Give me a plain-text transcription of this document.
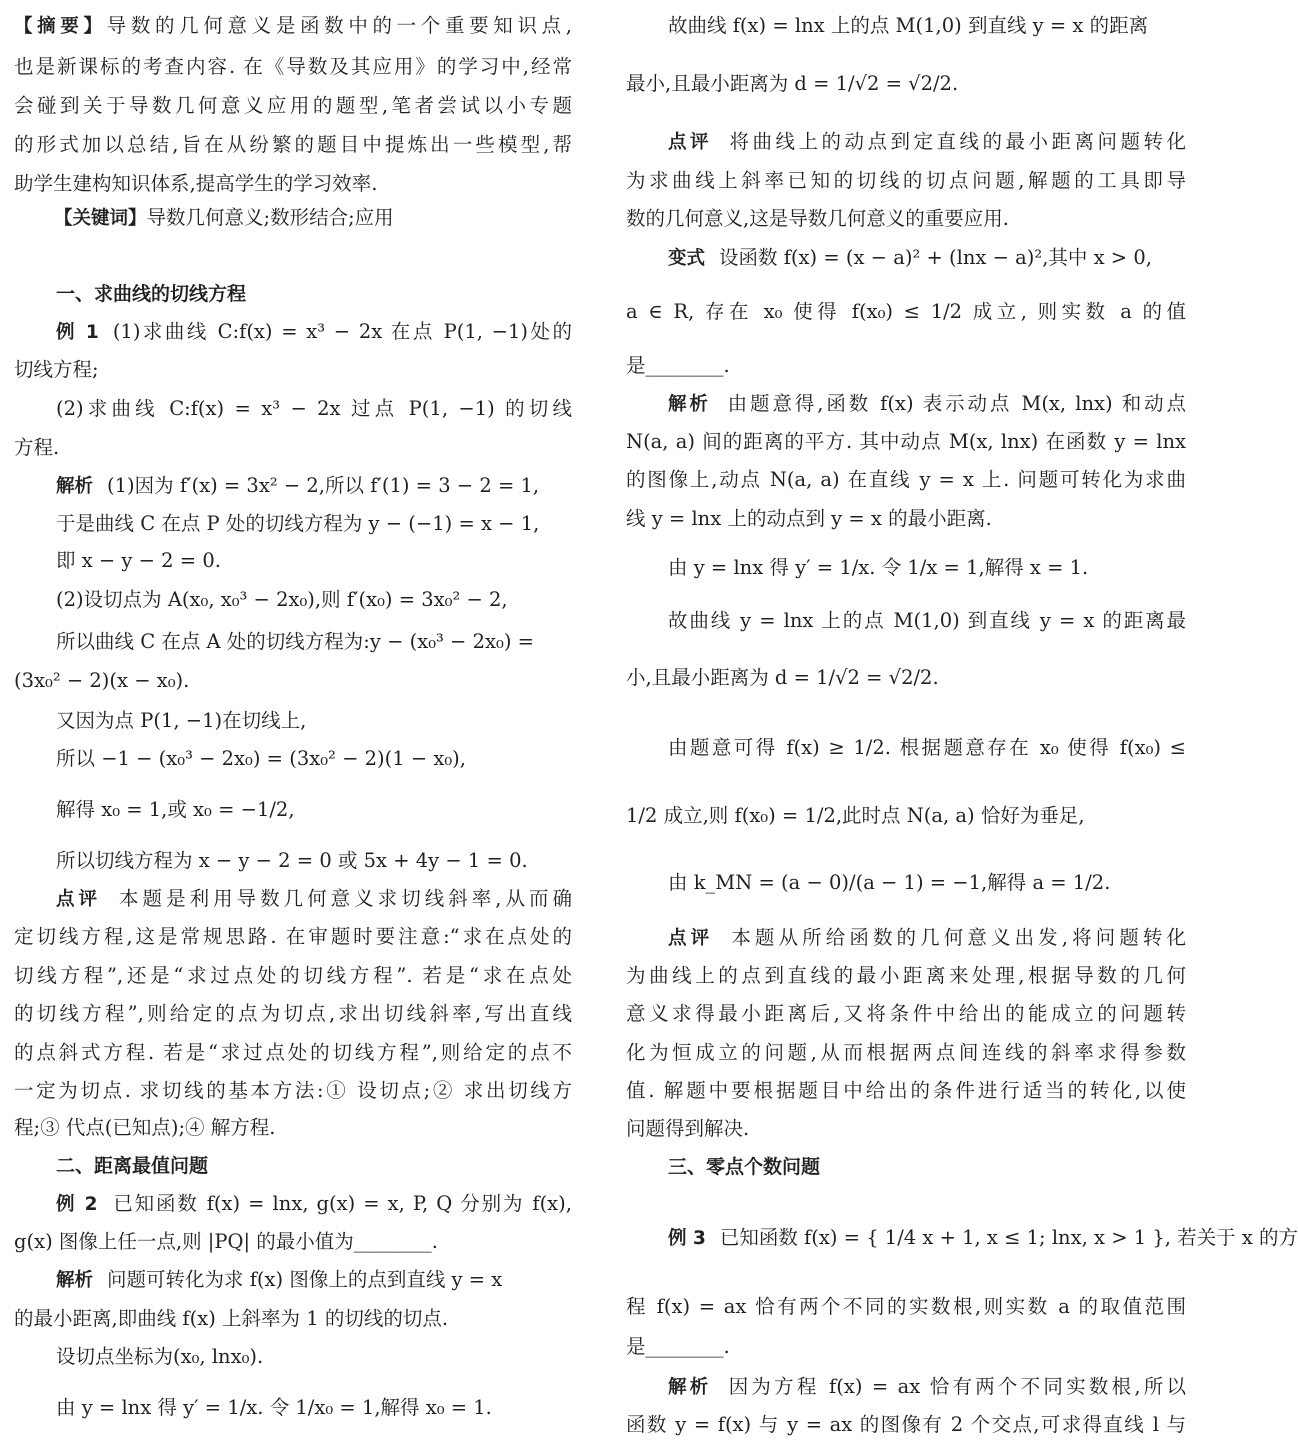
【摘要】导数的几何意义是函数中的一个重要知识点,
也是新课标的考查内容. 在《导数及其应用》的学习中,经常
会碰到关于导数几何意义应用的题型,笔者尝试以小专题
的形式加以总结,旨在从纷繁的题目中提炼出一些模型,帮
助学生建构知识体系,提高学生的学习效率.
【关键词】导数几何意义;数形结合;应用
一、求曲线的切线方程
例 1 (1)求曲线 C:f(x) = x³ − 2x 在点 P(1, −1)处的
切线方程;
(2)求曲线 C:f(x) = x³ − 2x 过点 P(1, −1) 的切线
方程.
解析 (1)因为 f′(x) = 3x² − 2,所以 f′(1) = 3 − 2 = 1,
于是曲线 C 在点 P 处的切线方程为 y − (−1) = x − 1,
即 x − y − 2 = 0.
(2)设切点为 A(x₀, x₀³ − 2x₀),则 f′(x₀) = 3x₀² − 2,
所以曲线 C 在点 A 处的切线方程为:y − (x₀³ − 2x₀) =
(3x₀² − 2)(x − x₀).
又因为点 P(1, −1)在切线上,
所以 −1 − (x₀³ − 2x₀) = (3x₀² − 2)(1 − x₀),
解得 x₀ = 1,或 x₀ = −1/2,
所以切线方程为 x − y − 2 = 0 或 5x + 4y − 1 = 0.
点评 本题是利用导数几何意义求切线斜率,从而确
定切线方程,这是常规思路. 在审题时要注意:“求在点处的
切线方程”,还是“求过点处的切线方程”. 若是“求在点处
的切线方程”,则给定的点为切点,求出切线斜率,写出直线
的点斜式方程. 若是“求过点处的切线方程”,则给定的点不
一定为切点. 求切线的基本方法:① 设切点;② 求出切线方
程;③ 代点(已知点);④ 解方程.
二、距离最值问题
例 2 已知函数 f(x) = lnx, g(x) = x, P, Q 分别为 f(x),
g(x) 图像上任一点,则 |PQ| 的最小值为________.
解析 问题可转化为求 f(x) 图像上的点到直线 y = x
的最小距离,即曲线 f(x) 上斜率为 1 的切线的切点.
设切点坐标为(x₀, lnx₀).
由 y = lnx 得 y′ = 1/x. 令 1/x₀ = 1,解得 x₀ = 1.
故曲线 f(x) = lnx 上的点 M(1,0) 到直线 y = x 的距离
最小,且最小距离为 d = 1/√2 = √2/2.
点评 将曲线上的动点到定直线的最小距离问题转化
为求曲线上斜率已知的切线的切点问题,解题的工具即导
数的几何意义,这是导数几何意义的重要应用.
变式 设函数 f(x) = (x − a)² + (lnx − a)²,其中 x > 0,
a ∈ R, 存在 x₀ 使得 f(x₀) ≤ 1/2 成立, 则实数 a 的值
是________.
解析 由题意得,函数 f(x) 表示动点 M(x, lnx) 和动点
N(a, a) 间的距离的平方. 其中动点 M(x, lnx) 在函数 y = lnx
的图像上,动点 N(a, a) 在直线 y = x 上. 问题可转化为求曲
线 y = lnx 上的动点到 y = x 的最小距离.
由 y = lnx 得 y′ = 1/x. 令 1/x = 1,解得 x = 1.
故曲线 y = lnx 上的点 M(1,0) 到直线 y = x 的距离最
小,且最小距离为 d = 1/√2 = √2/2.
由题意可得 f(x) ≥ 1/2. 根据题意存在 x₀ 使得 f(x₀) ≤
1/2 成立,则 f(x₀) = 1/2,此时点 N(a, a) 恰好为垂足,
由 k_MN = (a − 0)/(a − 1) = −1,解得 a = 1/2.
点评 本题从所给函数的几何意义出发,将问题转化
为曲线上的点到直线的最小距离来处理,根据导数的几何
意义求得最小距离后,又将条件中给出的能成立的问题转
化为恒成立的问题,从而根据两点间连线的斜率求得参数
值. 解题中要根据题目中给出的条件进行适当的转化,以使
问题得到解决.
三、零点个数问题
例 3 已知函数 f(x) = { 1/4 x + 1, x ≤ 1; lnx, x > 1 }, 若关于 x 的方
程 f(x) = ax 恰有两个不同的实数根,则实数 a 的取值范围
是________.
解析 因为方程 f(x) = ax 恰有两个不同实数根,所以
函数 y = f(x) 与 y = ax 的图像有 2 个交点,可求得直线 l 与
